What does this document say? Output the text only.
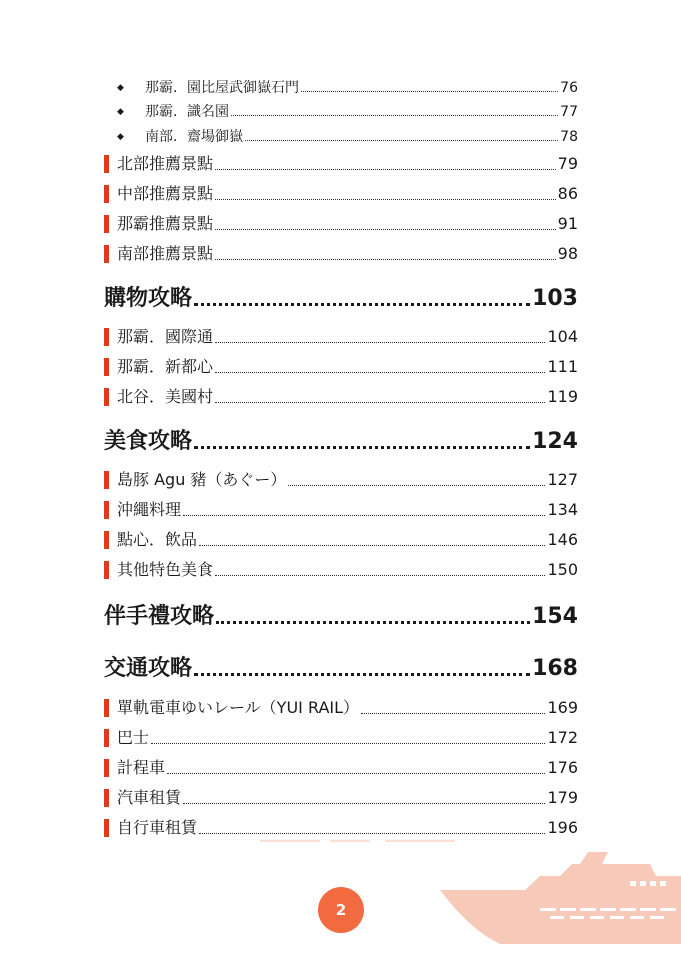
◆	那霸．園比屋武御嶽石門	76
◆	那霸．識名園	77
◆	南部．齋場御嶽	78
北部推薦景點	79
中部推薦景點	86
那霸推薦景點	91
南部推薦景點	98
購物攻略	103
那霸．國際通	104
那霸．新都心	111
北谷．美國村	119
美食攻略	124
島豚 Agu 豬（あぐー）	127
沖繩料理	134
點心．飲品	146
其他特色美食	150
伴手禮攻略	154
交通攻略	168
單軌電車ゆいレール（YUI RAIL）	169
巴士	172
計程車	176
汽車租賃	179
自行車租賃	196
2
